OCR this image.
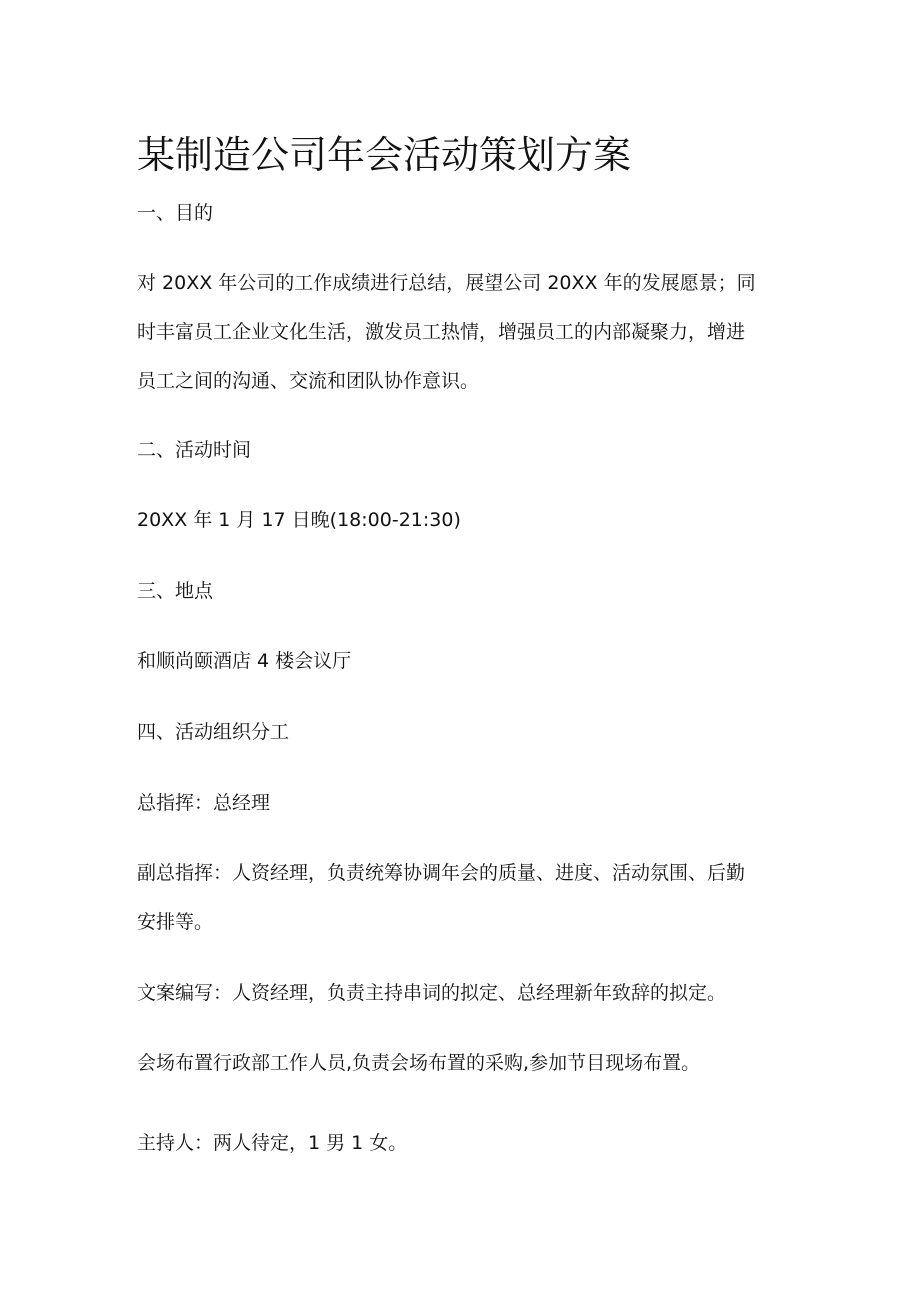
某制造公司年会活动策划方案

一、目的

对 20XX 年公司的工作成绩进行总结，展望公司 20XX 年的发展愿景；同

时丰富员工企业文化生活，激发员工热情，增强员工的内部凝聚力，增进

员工之间的沟通、交流和团队协作意识。

二、活动时间

20XX 年 1 月 17 日晚(18:00-21:30)

三、地点

和顺尚颐酒店 4 楼会议厅

四、活动组织分工

总指挥：总经理

副总指挥：人资经理，负责统筹协调年会的质量、进度、活动氛围、后勤

安排等。

文案编写：人资经理，负责主持串词的拟定、总经理新年致辞的拟定。

会场布置行政部工作人员,负责会场布置的采购,参加节目现场布置。

主持人：两人待定，1 男 1 女。
